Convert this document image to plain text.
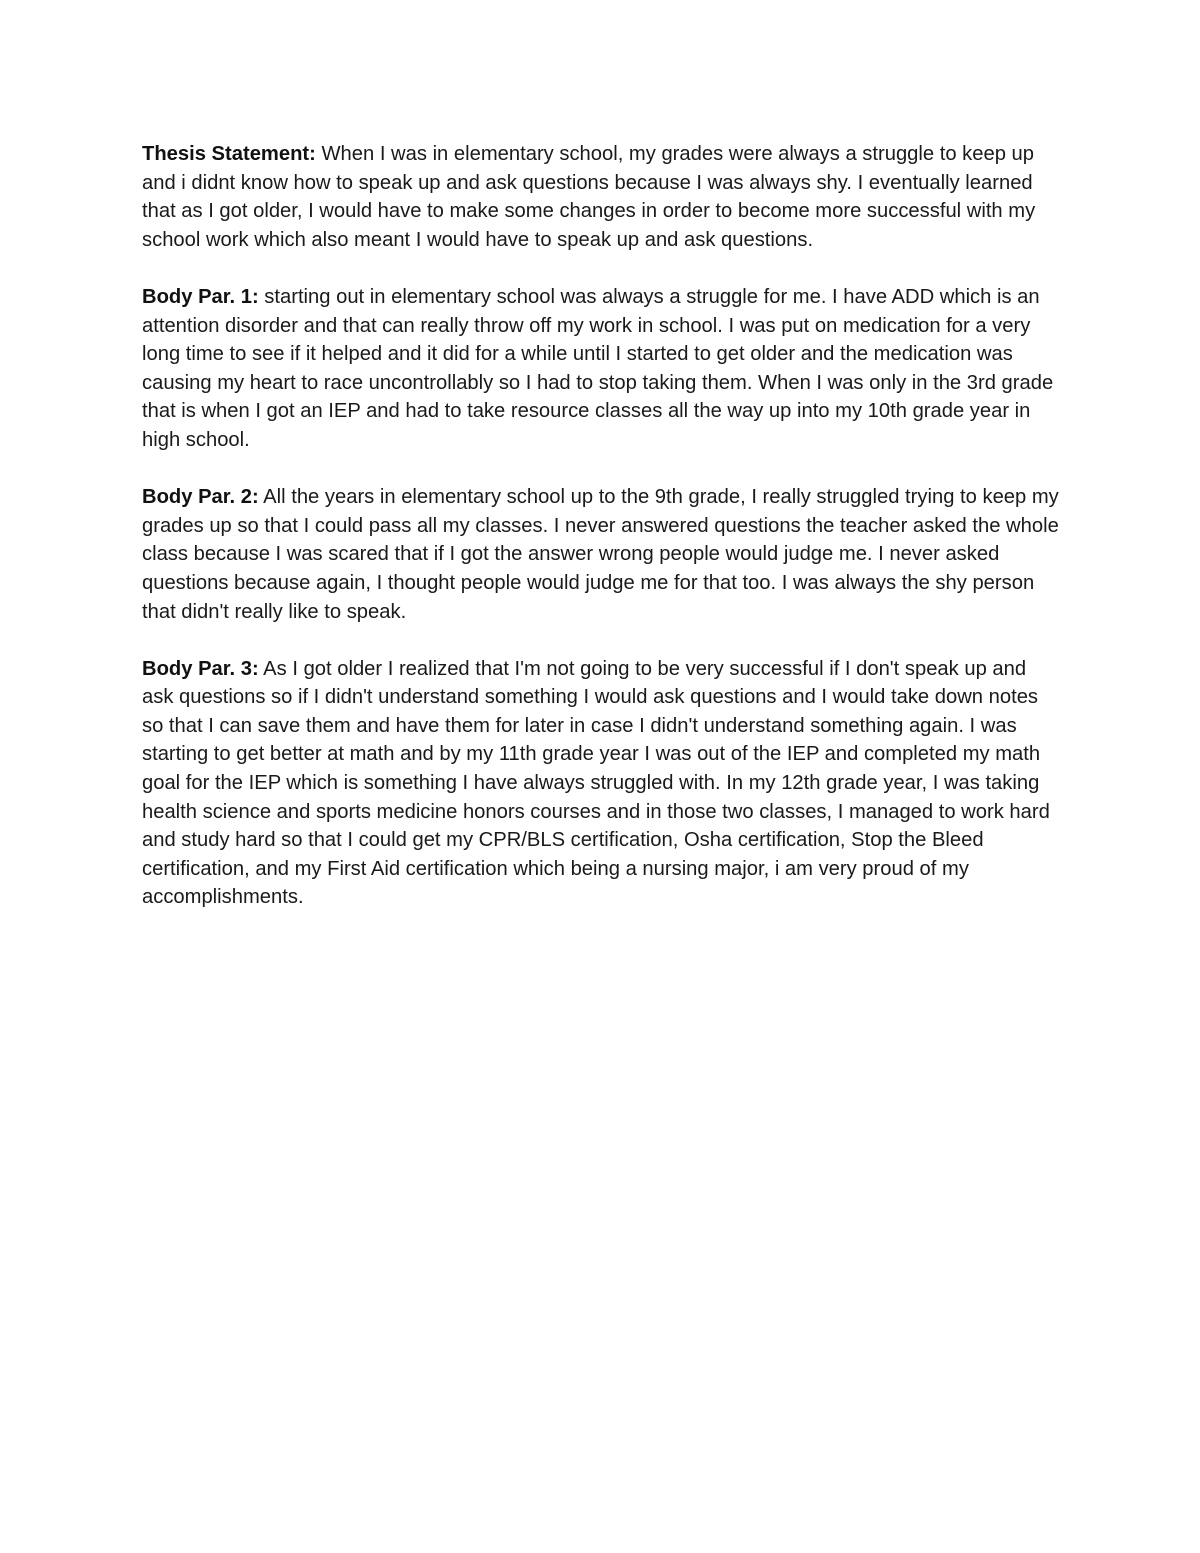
Thesis Statement: When I was in elementary school, my grades were always a struggle to keep up and i didnt know how to speak up and ask questions because I was always shy. I eventually learned that as I got older, I would have to make some changes in order to become more successful with my school work which also meant I would have to speak up and ask questions.

Body Par. 1: starting out in elementary school was always a struggle for me. I have ADD which is an attention disorder and that can really throw off my work in school. I was put on medication for a very long time to see if it helped and it did for a while until I started to get older and the medication was causing my heart to race uncontrollably so I had to stop taking them. When I was only in the 3rd grade that is when I got an IEP and had to take resource classes all the way up into my 10th grade year in high school.

Body Par. 2: All the years in elementary school up to the 9th grade, I really struggled trying to keep my grades up so that I could pass all my classes. I never answered questions the teacher asked the whole class because I was scared that if I got the answer wrong people would judge me. I never asked questions because again, I thought people would judge me for that too. I was always the shy person that didn't really like to speak.

Body Par. 3: As I got older I realized that I'm not going to be very successful if I don't speak up and ask questions so if I didn't understand something I would ask questions and I would take down notes so that I can save them and have them for later in case I didn't understand something again. I was starting to get better at math and by my 11th grade year I was out of the IEP and completed my math goal for the IEP which is something I have always struggled with. In my 12th grade year, I was taking health science and sports medicine honors courses and in those two classes, I managed to work hard and study hard so that I could get my CPR/BLS certification, Osha certification, Stop the Bleed certification, and my First Aid certification which being a nursing major, i am very proud of my accomplishments.
